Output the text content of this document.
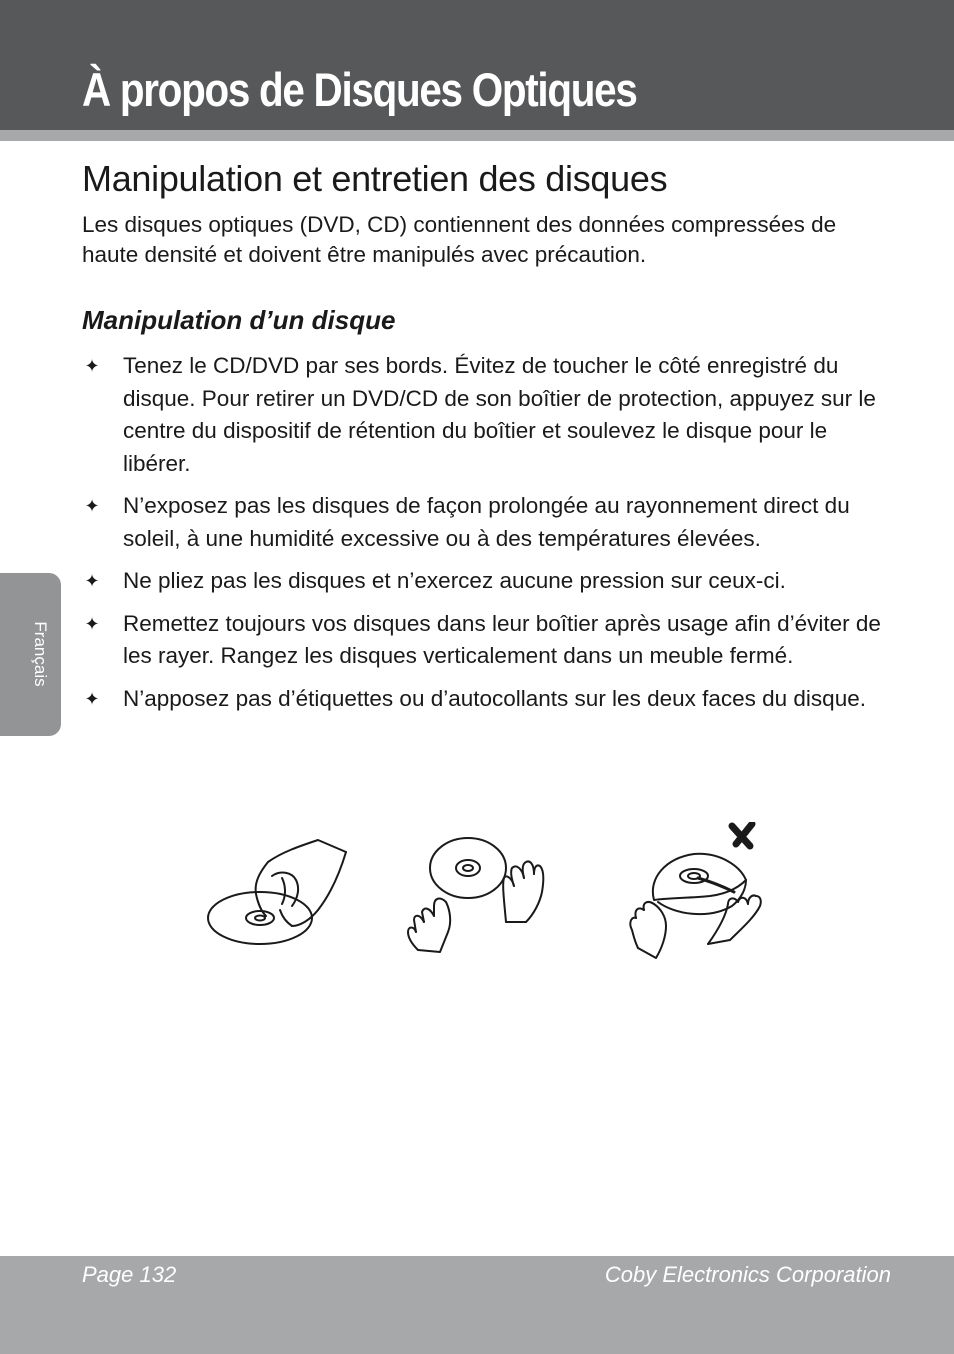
À propos de Disques Optiques
Français
Manipulation et entretien des disques

Les disques optiques (DVD, CD) contiennent des données compressées de haute densité et doivent être manipulés avec précaution.

Manipulation d’un disque
✦ Tenez le CD/DVD par ses bords. Évitez de toucher le côté enregistré du disque. Pour retirer un DVD/CD de son boîtier de protection, appuyez sur le centre du dispositif de rétention du boîtier et soulevez le disque pour le libérer.
✦ N’exposez pas les disques de façon prolongée au rayonnement direct du soleil, à une humidité excessive ou à des températures élevées.
✦ Ne pliez pas les disques et n’exercez aucune pression sur ceux-ci.
✦ Remettez toujours vos disques dans leur boîtier après usage afin d’éviter de les rayer. Rangez les disques verticalement dans un meuble fermé.
✦ N’apposez pas d’étiquettes ou d’autocollants sur les deux faces du disque.
Page 132	Coby Electronics Corporation
